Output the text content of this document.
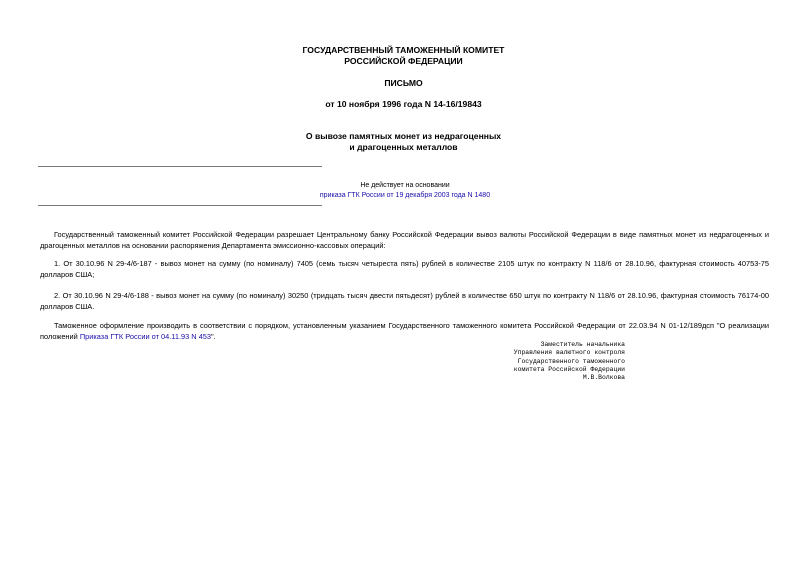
ГОСУДАРСТВЕННЫЙ ТАМОЖЕННЫЙ КОМИТЕТ
РОССИЙСКОЙ ФЕДЕРАЦИИ
ПИСЬМО
от 10 ноября 1996 года N 14-16/19843
О вывозе памятных монет из недрагоценных
и драгоценных металлов
Не действует на основании
приказа ГТК России от 19 декабря 2003 года N 1480
Государственный таможенный комитет Российской Федерации разрешает Центральному банку Российской Федерации вывоз валюты Российской Федерации в виде памятных монет из недрагоценных и драгоценных металлов на основании распоряжения Департамента эмиссионно-кассовых операций:
1. От 30.10.96 N 29-4/6-187 - вывоз монет на сумму (по номиналу) 7405 (семь тысяч четыреста пять) рублей в количестве 2105 штук по контракту N 118/6 от 28.10.96, фактурная стоимость 40753-75 долларов США;
2. От 30.10.96 N 29-4/6-188 - вывоз монет на сумму (по номиналу) 30250 (тридцать тысяч двести пятьдесят) рублей в количестве 650 штук по контракту N 118/6 от 28.10.96, фактурная стоимость 76174-00 долларов США.
Таможенное оформление производить в соответствии с порядком, установленным указанием Государственного таможенного комитета Российской Федерации от 22.03.94 N 01-12/189дсп "О реализации положений Приказа ГТК России от 04.11.93 N 453".
Заместитель начальника
Управления валютного контроля
Государственного таможенного
комитета Российской Федерации
М.В.Волкова
